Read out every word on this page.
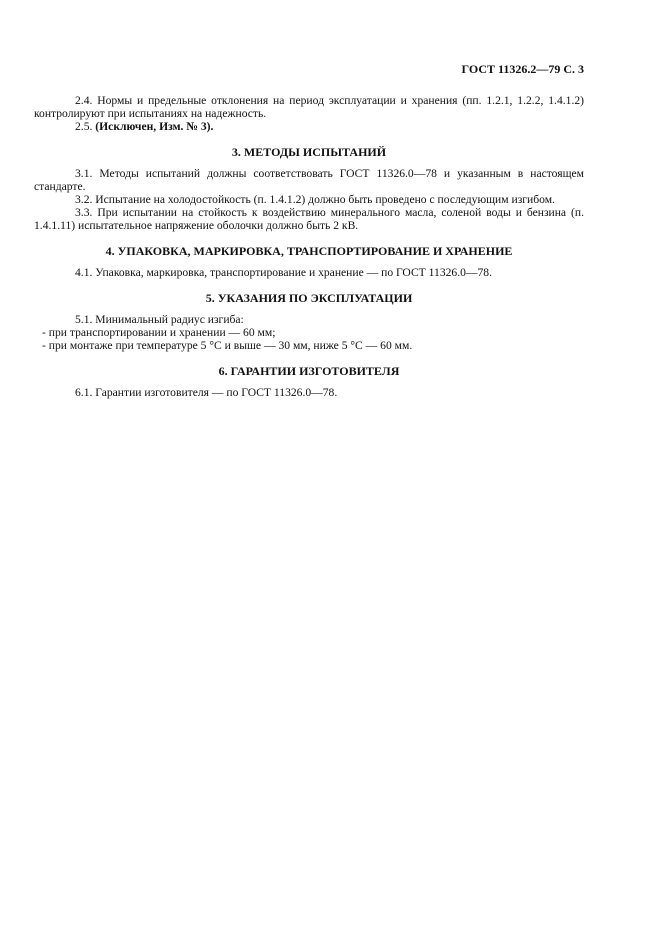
ГОСТ 11326.2—79 С. 3

2.4. Нормы и предельные отклонения на период эксплуатации и хранения (пп. 1.2.1, 1.2.2, 1.4.1.2) контролируют при испытаниях на надежность.

2.5. (Исключен, Изм. № 3).

3. МЕТОДЫ ИСПЫТАНИЙ

3.1. Методы испытаний должны соответствовать ГОСТ 11326.0—78 и указанным в настоящем стандарте.

3.2. Испытание на холодостойкость (п. 1.4.1.2) должно быть проведено с последующим изгибом.

3.3. При испытании на стойкость к воздействию минерального масла, соленой воды и бензина (п. 1.4.1.11) испытательное напряжение оболочки должно быть 2 кВ.

4. УПАКОВКА, МАРКИРОВКА, ТРАНСПОРТИРОВАНИЕ И ХРАНЕНИЕ

4.1. Упаковка, маркировка, транспортирование и хранение — по ГОСТ 11326.0—78.

5. УКАЗАНИЯ ПО ЭКСПЛУАТАЦИИ

5.1. Минимальный радиус изгиба:

- при транспортировании и хранении — 60 мм;

- при монтаже при температуре 5 °С и выше — 30 мм, ниже 5 °С — 60 мм.

6. ГАРАНТИИ ИЗГОТОВИТЕЛЯ

6.1. Гарантии изготовителя — по ГОСТ 11326.0—78.
